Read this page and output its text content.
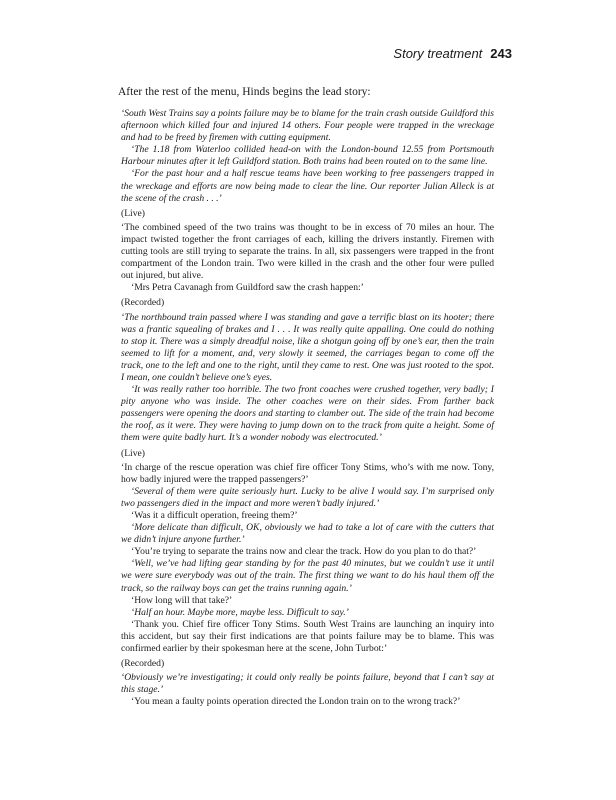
Story treatment 243
After the rest of the menu, Hinds begins the lead story:

‘South West Trains say a points failure may be to blame for the train crash outside Guildford this afternoon which killed four and injured 14 others. Four people were trapped in the wreckage and had to be freed by firemen with cutting equipment.

‘The 1.18 from Waterloo collided head-on with the London-bound 12.55 from Portsmouth Harbour minutes after it left Guildford station. Both trains had been routed on to the same line.

‘For the past hour and a half rescue teams have been working to free passengers trapped in the wreckage and efforts are now being made to clear the line. Our reporter Julian Alleck is at the scene of the crash . . .’

(Live)

‘The combined speed of the two trains was thought to be in excess of 70 miles an hour. The impact twisted together the front carriages of each, killing the drivers instantly. Firemen with cutting tools are still trying to separate the trains. In all, six passengers were trapped in the front compartment of the London train. Two were killed in the crash and the other four were pulled out injured, but alive.

‘Mrs Petra Cavanagh from Guildford saw the crash happen:’

(Recorded)

‘The northbound train passed where I was standing and gave a terrific blast on its hooter; there was a frantic squealing of brakes and I . . . It was really quite appalling. One could do nothing to stop it. There was a simply dreadful noise, like a shotgun going off by one’s ear, then the train seemed to lift for a moment, and, very slowly it seemed, the carriages began to come off the track, one to the left and one to the right, until they came to rest. One was just rooted to the spot. I mean, one couldn’t believe one’s eyes.

‘It was really rather too horrible. The two front coaches were crushed together, very badly; I pity anyone who was inside. The other coaches were on their sides. From farther back passengers were opening the doors and starting to clamber out. The side of the train had become the roof, as it were. They were having to jump down on to the track from quite a height. Some of them were quite badly hurt. It’s a wonder nobody was electrocuted.’

(Live)

‘In charge of the rescue operation was chief fire officer Tony Stims, who’s with me now. Tony, how badly injured were the trapped passengers?’

‘Several of them were quite seriously hurt. Lucky to be alive I would say. I’m surprised only two passengers died in the impact and more weren’t badly injured.’

‘Was it a difficult operation, freeing them?’

‘More delicate than difficult, OK, obviously we had to take a lot of care with the cutters that we didn’t injure anyone further.’

‘You’re trying to separate the trains now and clear the track. How do you plan to do that?’

‘Well, we’ve had lifting gear standing by for the past 40 minutes, but we couldn’t use it until we were sure everybody was out of the train. The first thing we want to do his haul them off the track, so the railway boys can get the trains running again.’

‘How long will that take?’

‘Half an hour. Maybe more, maybe less. Difficult to say.’

‘Thank you. Chief fire officer Tony Stims. South West Trains are launching an inquiry into this accident, but say their first indications are that points failure may be to blame. This was confirmed earlier by their spokesman here at the scene, John Turbot:’

(Recorded)

‘Obviously we’re investigating; it could only really be points failure, beyond that I can’t say at this stage.’

‘You mean a faulty points operation directed the London train on to the wrong track?’
